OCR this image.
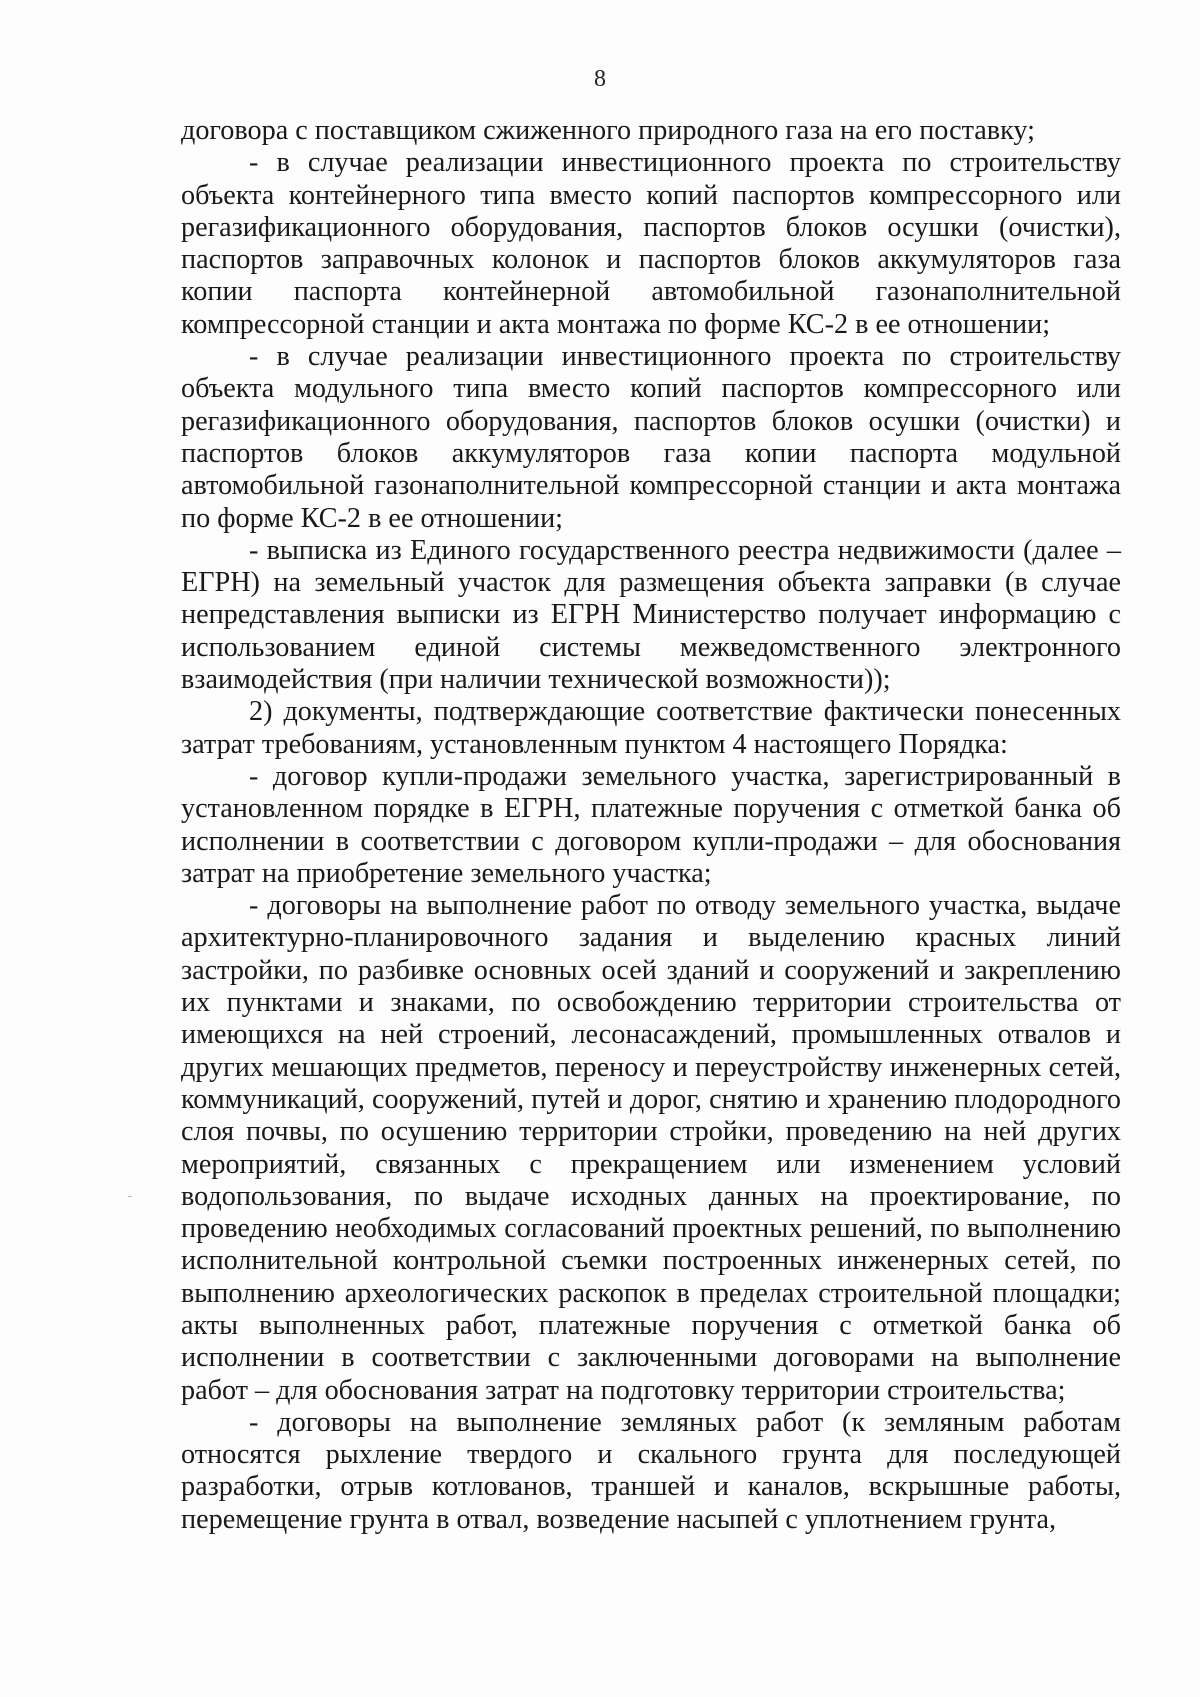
8

договора с поставщиком сжиженного природного газа на его поставку;

- в случае реализации инвестиционного проекта по строительству объекта контейнерного типа вместо копий паспортов компрессорного или регазификационного оборудования, паспортов блоков осушки (очистки), паспортов заправочных колонок и паспортов блоков аккумуляторов газа копии паспорта контейнерной автомобильной газонаполнительной компрессорной станции и акта монтажа по форме КС-2 в ее отношении;

- в случае реализации инвестиционного проекта по строительству объекта модульного типа вместо копий паспортов компрессорного или регазификационного оборудования, паспортов блоков осушки (очистки) и паспортов блоков аккумуляторов газа копии паспорта модульной автомобильной газонаполнительной компрессорной станции и акта монтажа по форме КС-2 в ее отношении;

- выписка из Единого государственного реестра недвижимости (далее – ЕГРН) на земельный участок для размещения объекта заправки (в случае непредставления выписки из ЕГРН Министерство получает информацию с использованием единой системы межведомственного электронного взаимодействия (при наличии технической возможности));

2) документы, подтверждающие соответствие фактически понесенных затрат требованиям, установленным пунктом 4 настоящего Порядка:

- договор купли-продажи земельного участка, зарегистрированный в установленном порядке в ЕГРН, платежные поручения с отметкой банка об исполнении в соответствии с договором купли-продажи – для обоснования затрат на приобретение земельного участка;

- договоры на выполнение работ по отводу земельного участка, выдаче архитектурно-планировочного задания и выделению красных линий застройки, по разбивке основных осей зданий и сооружений и закреплению их пунктами и знаками, по освобождению территории строительства от имеющихся на ней строений, лесонасаждений, промышленных отвалов и других мешающих предметов, переносу и переустройству инженерных сетей, коммуникаций, сооружений, путей и дорог, снятию и хранению плодородного слоя почвы, по осушению территории стройки, проведению на ней других мероприятий, связанных с прекращением или изменением условий водопользования, по выдаче исходных данных на проектирование, по проведению необходимых согласований проектных решений, по выполнению исполнительной контрольной съемки построенных инженерных сетей, по выполнению археологических раскопок в пределах строительной площадки; акты выполненных работ, платежные поручения с отметкой банка об исполнении в соответствии с заключенными договорами на выполнение работ – для обоснования затрат на подготовку территории строительства;

- договоры на выполнение земляных работ (к земляным работам относятся рыхление твердого и скального грунта для последующей разработки, отрыв котлованов, траншей и каналов, вскрышные работы, перемещение грунта в отвал, возведение насыпей с уплотнением грунта,
